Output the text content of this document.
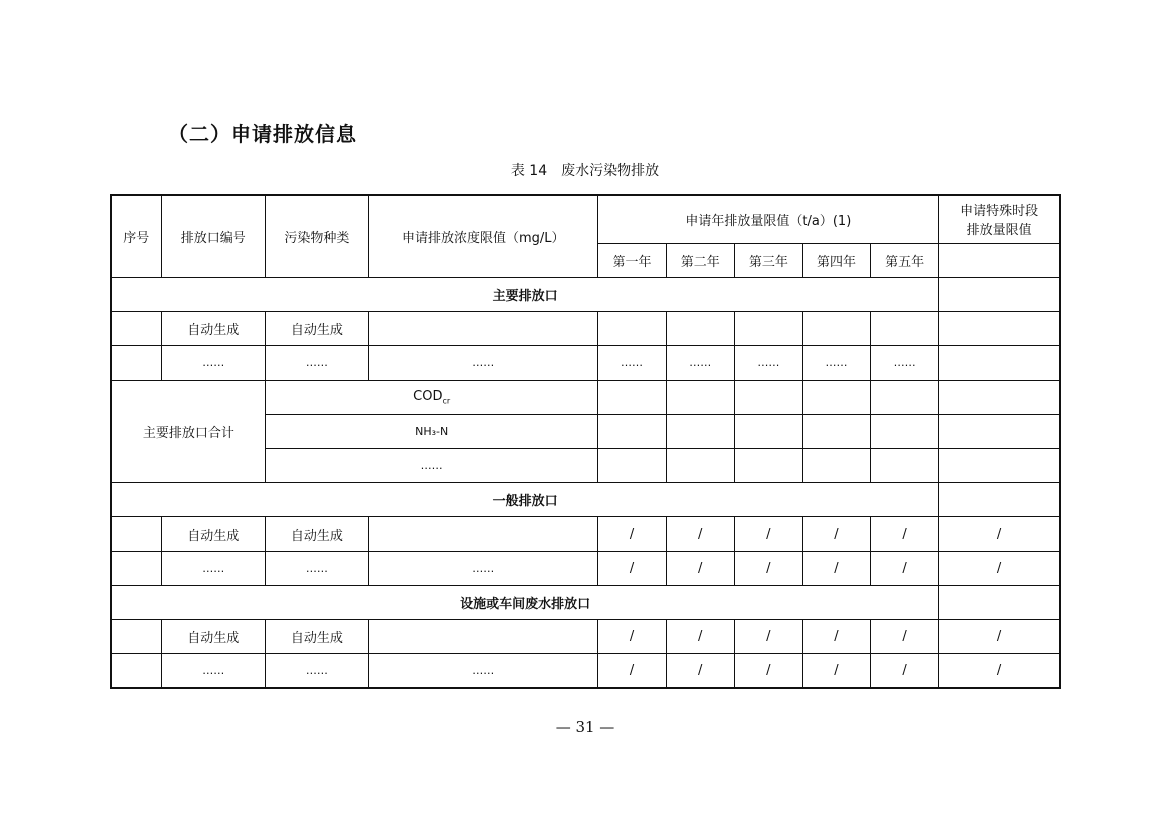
（二）申请排放信息
表 14 废水污染物排放
序号	排放口编号	污染物种类	申请排放浓度限值（mg/L）	申请年排放量限值（t/a）(1)					申请特殊时段
排放量限值

				第一年	第二年	第三年	第四年	第五年	
主要排放口									
	自动生成	自动生成							
	……	……	……	……	……	……	……	……	
主要排放口合计		$COD_{cr}$						
		NH₃-N							
		……							
一般排放口									
	自动生成	自动生成		/	/	/	/	/	/
	……	……	……	/	/	/	/	/	/
设施或车间废水排放口									
	自动生成	自动生成		/	/	/	/	/	/
	……	……	……	/	/	/	/	/	/
— 31 —
